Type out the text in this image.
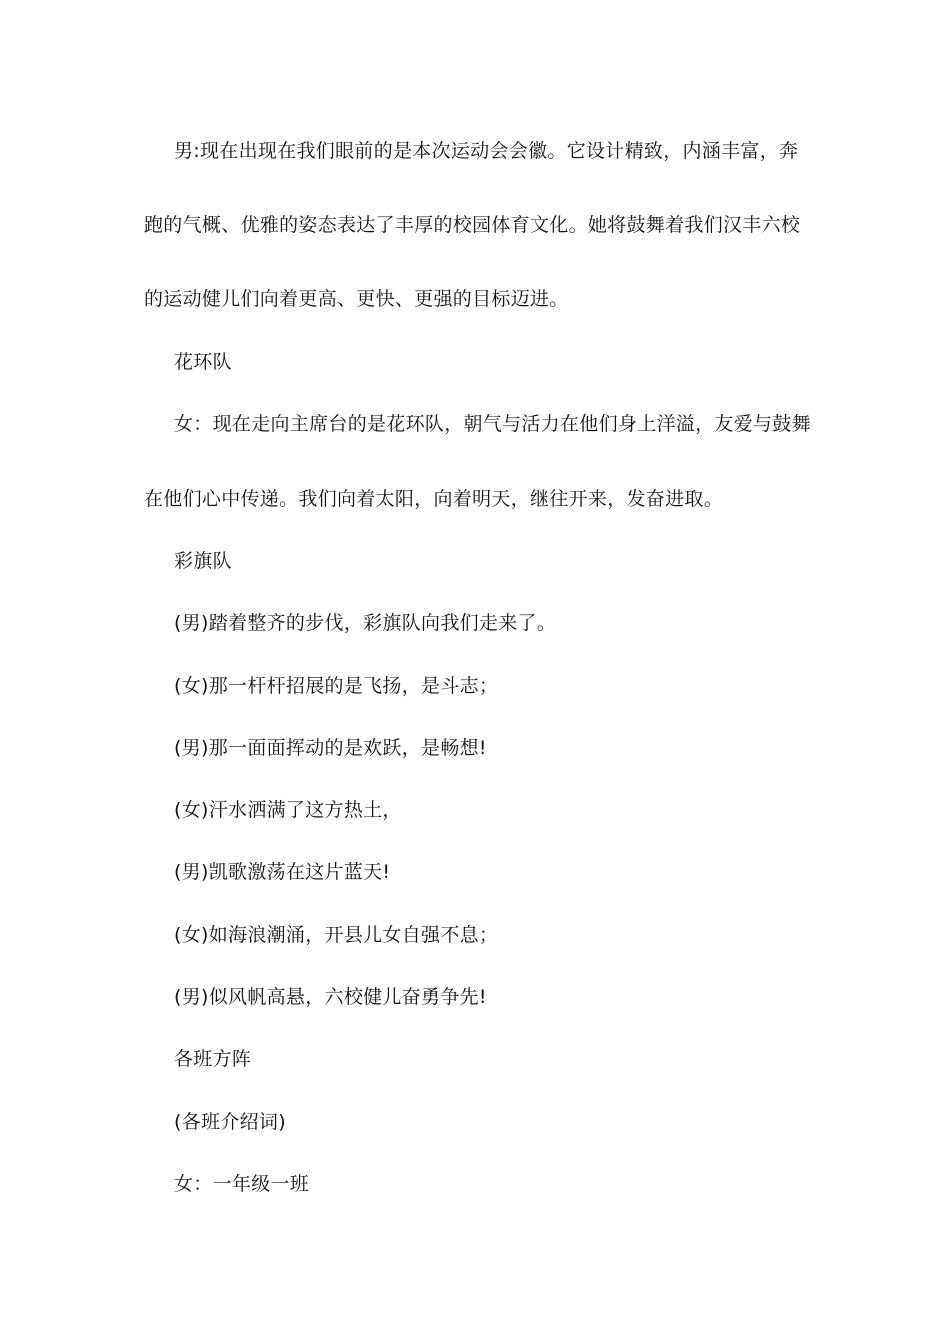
男:现在出现在我们眼前的是本次运动会会徽。它设计精致，内涵丰富，奔
跑的气概、优雅的姿态表达了丰厚的校园体育文化。她将鼓舞着我们汉丰六校
的运动健儿们向着更高、更快、更强的目标迈进。
花环队
女：现在走向主席台的是花环队，朝气与活力在他们身上洋溢，友爱与鼓舞
在他们心中传递。我们向着太阳，向着明天，继往开来，发奋进取。
彩旗队
(男)踏着整齐的步伐，彩旗队向我们走来了。
(女)那一杆杆招展的是飞扬，是斗志；
(男)那一面面挥动的是欢跃，是畅想!
(女)汗水洒满了这方热土，
(男)凯歌激荡在这片蓝天!
(女)如海浪潮涌，开县儿女自强不息；
(男)似风帆高悬，六校健儿奋勇争先!
各班方阵
(各班介绍词)
女：一年级一班
